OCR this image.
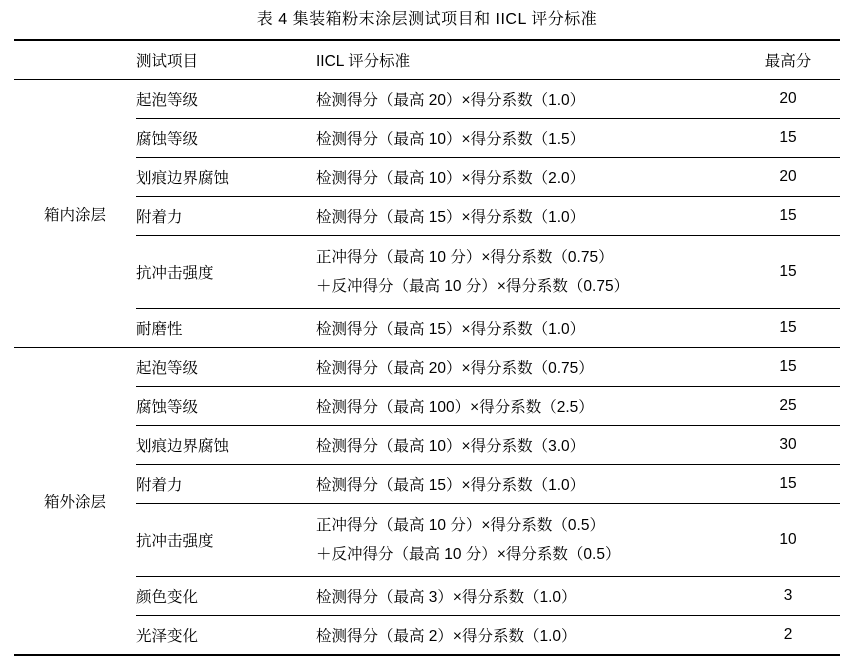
表 4 集装箱粉末涂层测试项目和 IICL 评分标准
	测试项目	IICL 评分标准	最高分
箱内涂层	起泡等级	检测得分（最高 20）×得分系数（1.0）	20
	腐蚀等级	检测得分（最高 10）×得分系数（1.5）	15
	划痕边界腐蚀	检测得分（最高 10）×得分系数（2.0）	20
	附着力	检测得分（最高 15）×得分系数（1.0）	15
	抗冲击强度	正冲得分（最高 10 分）×得分系数（0.75）
＋反冲得分（最高 10 分）×得分系数（0.75）	15
	耐磨性	检测得分（最高 15）×得分系数（1.0）	15
箱外涂层	起泡等级	检测得分（最高 20）×得分系数（0.75）	15
	腐蚀等级	检测得分（最高 100）×得分系数（2.5）	25
	划痕边界腐蚀	检测得分（最高 10）×得分系数（3.0）	30
	附着力	检测得分（最高 15）×得分系数（1.0）	15
	抗冲击强度	正冲得分（最高 10 分）×得分系数（0.5）
＋反冲得分（最高 10 分）×得分系数（0.5）	10
	颜色变化	检测得分（最高 3）×得分系数（1.0）	3
	光泽变化	检测得分（最高 2）×得分系数（1.0）	2
